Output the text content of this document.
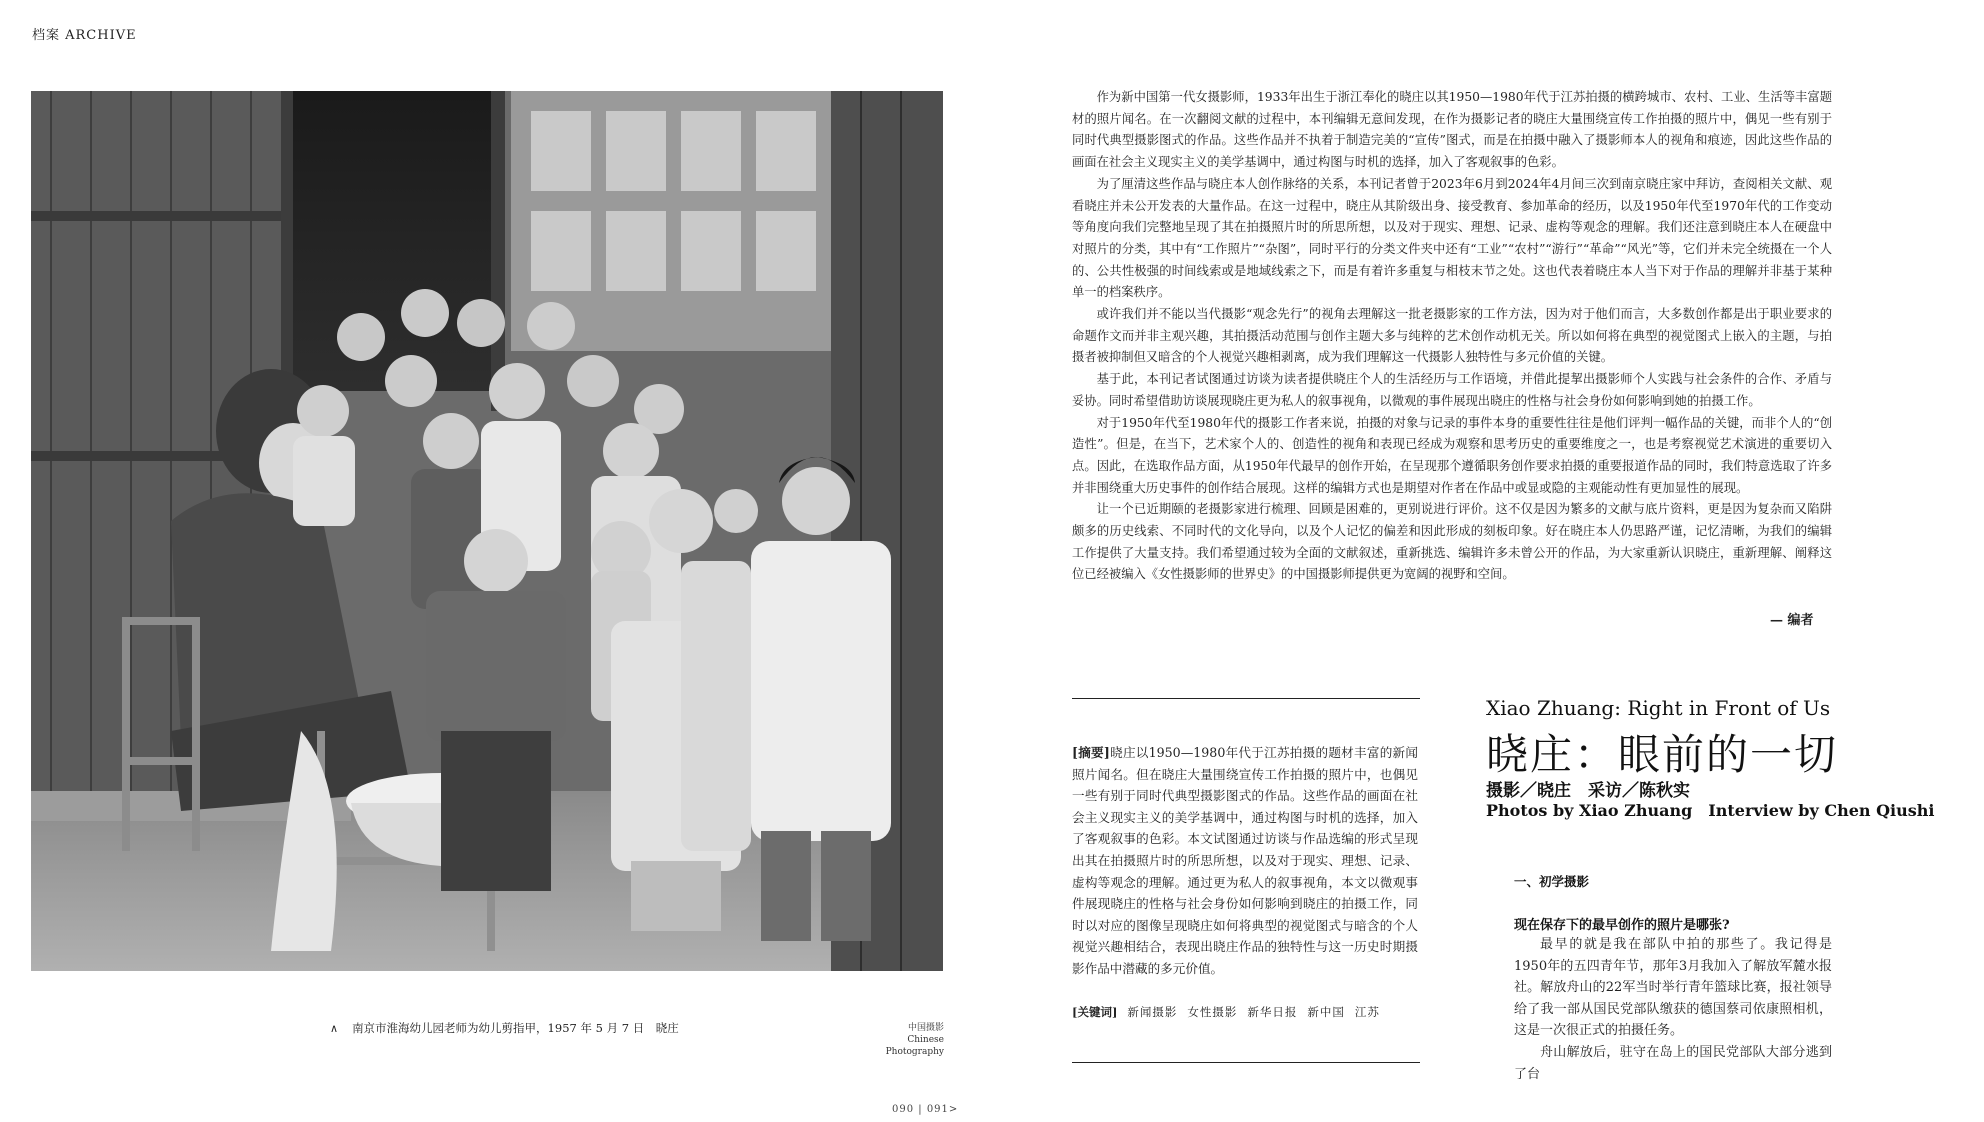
档案 ARCHIVE
∧ 南京市淮海幼儿园老师为幼儿剪指甲，1957 年 5 月 7 日　晓庄	中国摄影
Chinese
Photography
090 | 091>

作为新中国第一代女摄影师，1933年出生于浙江奉化的晓庄以其1950—1980年代于江苏拍摄的横跨城市、农村、工业、生活等丰富题材的照片闻名。在一次翻阅文献的过程中，本刊编辑无意间发现，在作为摄影记者的晓庄大量围绕宣传工作拍摄的照片中，偶见一些有别于同时代典型摄影图式的作品。这些作品并不执着于制造完美的“宣传”图式，而是在拍摄中融入了摄影师本人的视角和痕迹，因此这些作品的画面在社会主义现实主义的美学基调中，通过构图与时机的选择，加入了客观叙事的色彩。

为了厘清这些作品与晓庄本人创作脉络的关系，本刊记者曾于2023年6月到2024年4月间三次到南京晓庄家中拜访，查阅相关文献、观看晓庄并未公开发表的大量作品。在这一过程中，晓庄从其阶级出身、接受教育、参加革命的经历，以及1950年代至1970年代的工作变动等角度向我们完整地呈现了其在拍摄照片时的所思所想，以及对于现实、理想、记录、虚构等观念的理解。我们还注意到晓庄本人在硬盘中对照片的分类，其中有“工作照片”“杂图”，同时平行的分类文件夹中还有“工业”“农村”“游行”“革命”“风光”等，它们并未完全统摄在一个人的、公共性极强的时间线索或是地域线索之下，而是有着许多重复与相枝末节之处。这也代表着晓庄本人当下对于作品的理解并非基于某种单一的档案秩序。

或许我们并不能以当代摄影“观念先行”的视角去理解这一批老摄影家的工作方法，因为对于他们而言，大多数创作都是出于职业要求的命题作文而并非主观兴趣，其拍摄活动范围与创作主题大多与纯粹的艺术创作动机无关。所以如何将在典型的视觉图式上嵌入的主题，与拍摄者被抑制但又暗含的个人视觉兴趣相剥离，成为我们理解这一代摄影人独特性与多元价值的关键。

基于此，本刊记者试图通过访谈为读者提供晓庄个人的生活经历与工作语境，并借此提挈出摄影师个人实践与社会条件的合作、矛盾与妥协。同时希望借助访谈展现晓庄更为私人的叙事视角，以微观的事件展现出晓庄的性格与社会身份如何影响到她的拍摄工作。

对于1950年代至1980年代的摄影工作者来说，拍摄的对象与记录的事件本身的重要性往往是他们评判一幅作品的关键，而非个人的“创造性”。但是，在当下，艺术家个人的、创造性的视角和表现已经成为观察和思考历史的重要维度之一，也是考察视觉艺术演进的重要切入点。因此，在选取作品方面，从1950年代最早的创作开始，在呈现那个遵循职务创作要求拍摄的重要报道作品的同时，我们特意选取了许多并非围绕重大历史事件的创作结合展现。这样的编辑方式也是期望对作者在作品中或显或隐的主观能动性有更加显性的展现。

让一个已近期颐的老摄影家进行梳理、回顾是困难的，更别说进行评价。这不仅是因为繁多的文献与底片资料，更是因为复杂而又陷阱颇多的历史线索、不同时代的文化导向，以及个人记忆的偏差和因此形成的刻板印象。好在晓庄本人仍思路严谨，记忆清晰，为我们的编辑工作提供了大量支持。我们希望通过较为全面的文献叙述，重新挑选、编辑许多未曾公开的作品，为大家重新认识晓庄，重新理解、阐释这位已经被编入《女性摄影师的世界史》的中国摄影师提供更为宽阔的视野和空间。

— 编者
[摘要]晓庄以1950—1980年代于江苏拍摄的题材丰富的新闻照片闻名。但在晓庄大量围绕宣传工作拍摄的照片中，也偶见一些有别于同时代典型摄影图式的作品。这些作品的画面在社会主义现实主义的美学基调中，通过构图与时机的选择，加入了客观叙事的色彩。本文试图通过访谈与作品选编的形式呈现出其在拍摄照片时的所思所想，以及对于现实、理想、记录、虚构等观念的理解。通过更为私人的叙事视角，本文以微观事件展现晓庄的性格与社会身份如何影响到晓庄的拍摄工作，同时以对应的图像呈现晓庄如何将典型的视觉图式与暗含的个人视觉兴趣相结合，表现出晓庄作品的独特性与这一历史时期摄影作品中潜藏的多元价值。
[关键词] 新闻摄影 女性摄影 新华日报 新中国 江苏
Xiao Zhuang: Right in Front of Us
晓庄：眼前的一切
摄影／晓庄　采访／陈秋实
Photos by Xiao Zhuang　Interview by Chen Qiushi
一、初学摄影
现在保存下的最早创作的照片是哪张?

最早的就是我在部队中拍的那些了。我记得是1950年的五四青年节，那年3月我加入了解放军麓水报社。解放舟山的22军当时举行青年篮球比赛，报社领导给了我一部从国民党部队缴获的德国蔡司依康照相机，这是一次很正式的拍摄任务。

舟山解放后，驻守在岛上的国民党部队大部分逃到了台
